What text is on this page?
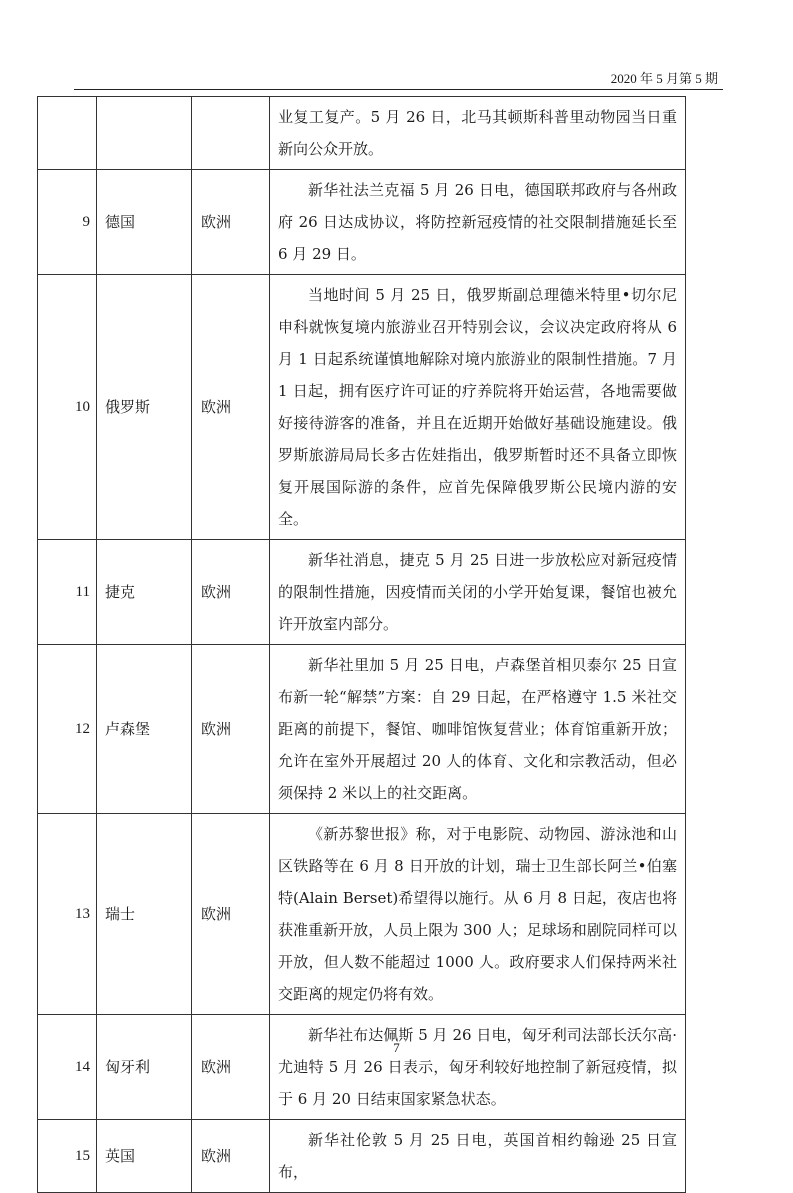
2020 年 5 月第 5 期

			业复工复产。5 月 26 日，北马其顿斯科普里动物园当日重新向公众开放。

9	德国	欧洲	新华社法兰克福 5 月 26 日电，德国联邦政府与各州政府 26 日达成协议，将防控新冠疫情的社交限制措施延长至 6 月 29 日。

10	俄罗斯	欧洲	当地时间 5 月 25 日，俄罗斯副总理德米特里•切尔尼申科就恢复境内旅游业召开特别会议，会议决定政府将从 6 月 1 日起系统谨慎地解除对境内旅游业的限制性措施。7 月 1 日起，拥有医疗许可证的疗养院将开始运营，各地需要做好接待游客的准备，并且在近期开始做好基础设施建设。俄罗斯旅游局局长多古佐娃指出，俄罗斯暂时还不具备立即恢复开展国际游的条件，应首先保障俄罗斯公民境内游的安全。

11	捷克	欧洲	新华社消息，捷克 5 月 25 日进一步放松应对新冠疫情的限制性措施，因疫情而关闭的小学开始复课，餐馆也被允许开放室内部分。

12	卢森堡	欧洲	新华社里加 5 月 25 日电，卢森堡首相贝泰尔 25 日宣布新一轮“解禁”方案：自 29 日起，在严格遵守 1.5 米社交距离的前提下，餐馆、咖啡馆恢复营业；体育馆重新开放；允许在室外开展超过 20 人的体育、文化和宗教活动，但必须保持 2 米以上的社交距离。

13	瑞士	欧洲	《新苏黎世报》称，对于电影院、动物园、游泳池和山区铁路等在 6 月 8 日开放的计划，瑞士卫生部长阿兰•伯塞特(Alain Berset)希望得以施行。从 6 月 8 日起，夜店也将获准重新开放，人员上限为 300 人；足球场和剧院同样可以开放，但人数不能超过 1000 人。政府要求人们保持两米社交距离的规定仍将有效。

14	匈牙利	欧洲	新华社布达佩斯 5 月 26 日电，匈牙利司法部长沃尔高·尤迪特 5 月 26 日表示，匈牙利较好地控制了新冠疫情，拟于 6 月 20 日结束国家紧急状态。

15	英国	欧洲	新华社伦敦 5 月 25 日电，英国首相约翰逊 25 日宣布，
7
